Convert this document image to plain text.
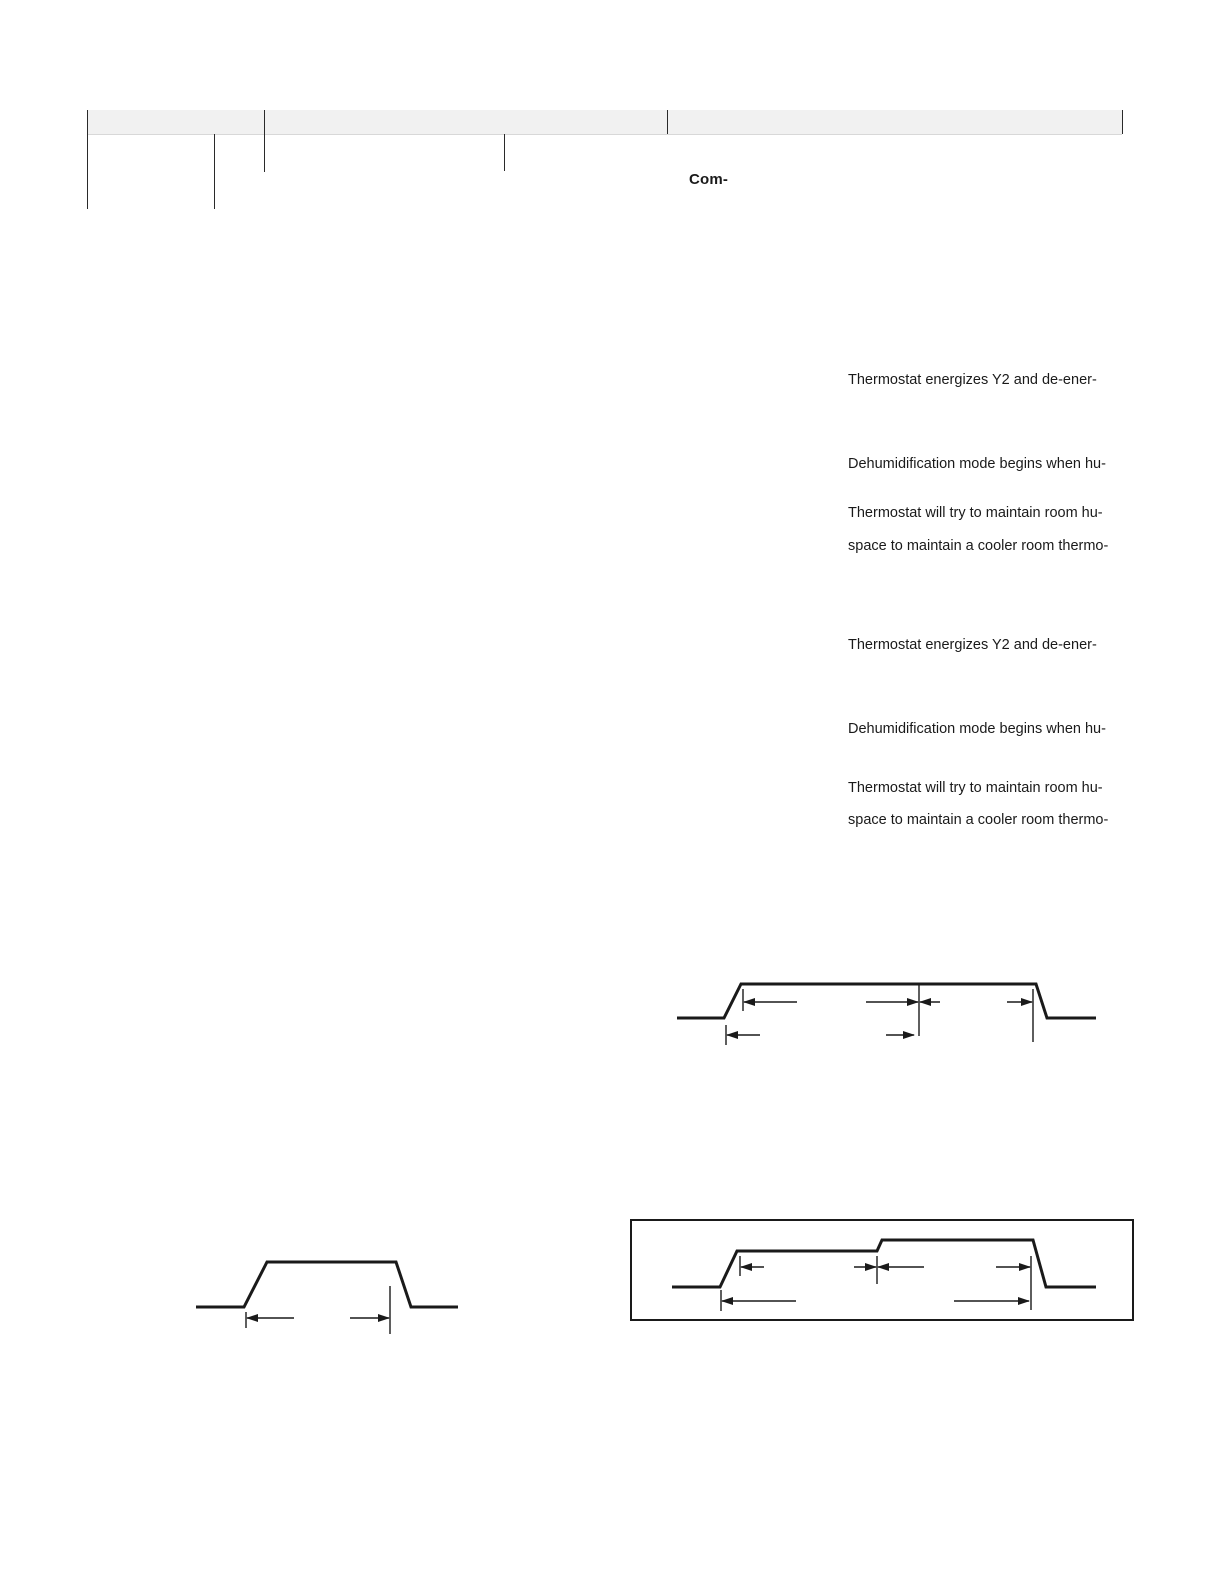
Com-
Thermostat energizes Y2 and de-ener-
Dehumidification mode begins when hu-
Thermostat will try to maintain room hu-
space to maintain a cooler room thermo-
Thermostat energizes Y2 and de-ener-
Dehumidification mode begins when hu-
Thermostat will try to maintain room hu-
space to maintain a cooler room thermo-
